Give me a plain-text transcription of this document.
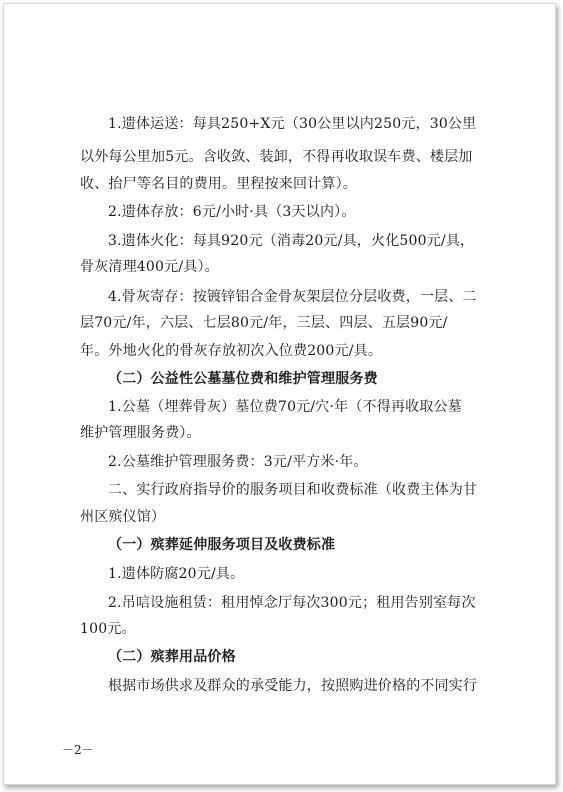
1.遗体运送：每具250+X元（30公里以内250元，30公里
以外每公里加5元。含收敛、装卸，不得再收取误车费、楼层加
收、抬尸等名目的费用。里程按来回计算）。
2.遗体存放：6元/小时·具（3天以内）。
3.遗体火化：每具920元（消毒20元/具，火化500元/具，
骨灰清理400元/具）。
4.骨灰寄存：按镀锌铝合金骨灰架层位分层收费，一层、二
层70元/年，六层、七层80元/年，三层、四层、五层90元/
年。外地火化的骨灰存放初次入位费200元/具。
（二）公益性公墓墓位费和维护管理服务费
1.公墓（埋葬骨灰）墓位费70元/穴·年（不得再收取公墓
维护管理服务费）。
2.公墓维护管理服务费：3元/平方米·年。
二、实行政府指导价的服务项目和收费标准（收费主体为甘
州区殡仪馆）
（一）殡葬延伸服务项目及收费标准
1.遗体防腐20元/具。
2.吊唁设施租赁：租用悼念厅每次300元；租用告别室每次
100元。
（二）殡葬用品价格
根据市场供求及群众的承受能力，按照购进价格的不同实行
－2－
